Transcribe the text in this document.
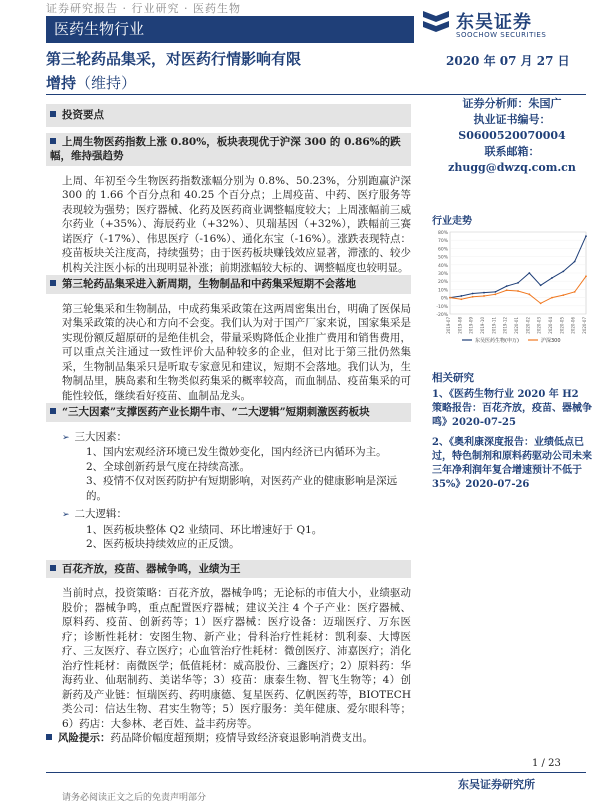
证券研究报告 · 行业研究 · 医药生物
医药生物行业	东吴证券
SOOCHOW SECURITIES
第三轮药品集采，对医药行情影响有限
增持（维持）
2020 年 07 月 27 日
投资要点
上周生物医药指数上涨 0.80%，板块表现优于沪深 300 的 0.86%的跌幅，维持强趋势

上周、年初至今生物医药指数涨幅分别为 0.8%、50.23%，分别跑赢沪深 300 的 1.66 个百分点和 40.25 个百分点；上周疫苗、中药、医疗服务等表现较为强势；医疗器械、化药及医药商业调整幅度较大；上周涨幅前三威尔药业（+35%）、海辰药业（+32%）、贝瑞基因（+32%），跌幅前三赛诺医疗（-17%）、伟思医疗（-16%）、通化东宝（-16%）。涨跌表现特点：疫苗板块关注度高，持续强势；由于医药板块赚钱效应显著，滞涨的、较少机构关注医小标的出现明显补涨；前期涨幅较大标的、调整幅度也较明显。

第三轮药品集采进入新周期，生物制品和中药集采短期不会落地

第三轮集采和生物制品，中成药集采政策在这两周密集出台，明确了医保局对集采政策的决心和方向不会变。我们认为对于国产厂家来说，国家集采是实现份额反超原研的是绝佳机会，带量采购降低企业推广费用和销售费用，可以重点关注通过一致性评价大品种较多的企业，但对比于第三批仍然集采，生物制品集采只是听取专家意见和建议，短期不会落地。我们认为，生物制品里，胰岛素和生物类似药集采的概率较高，而血制品、疫苗集采的可能性较低，继续看好疫苗、血制品龙头。

“三大因素”支撑医药产业长期牛市、“二大逻辑”短期刺激医药板块
➢ 三大因素：
1、国内宏观经济环境已发生微妙变化，国内经济已内循环为主。
2、全球创新药景气度在持续高涨。
3、疫情不仅对医药防护有短期影响，对医药产业的健康影响是深远的。
➢ 二大逻辑：
1、医药板块整体 Q2 业绩同、环比增速好于 Q1。
2、医药板块持续效应的正反馈。
百花齐放，疫苗、器械争鸣，业绩为王

当前时点，投资策略：百花齐放，器械争鸣；无论标的市值大小，业绩驱动股价；器械争鸣，重点配置医疗器械；建议关注 4 个子产业：医疗器械、原料药、疫苗、创新药等；1）医疗器械：医疗设备：迈瑞医疗、万东医疗；诊断性耗材：安图生物、新产业；骨科治疗性耗材：凯利泰、大博医疗、三友医疗、春立医疗；心血管治疗性耗材：微创医疗、沛嘉医疗；消化治疗性耗材：南微医学；低值耗材：威高股份、三鑫医疗；2）原料药：华海药业、仙琚制药、美诺华等；3）疫苗：康泰生物、智飞生物等；4）创新药及产业链：恒瑞医药、药明康德、复星医药、亿帆医药等，BIOTECH 类公司：信达生物、君实生物等；5）医疗服务：美年健康、爱尔眼科等；6）药店：大参林、老百姓、益丰药房等。

风险提示：药品降价幅度超预期；疫情导致经济衰退影响消费支出。
证券分析师：朱国广
执业证书编号：
S0600520070004
联系邮箱：
zhugg@dwzq.com.cn
行业走势
-20%
-10%
0%
10%
20%
30%
40%
50%
60%
70%
80%
2019-07 2019-08 2019-09 2019-10 2019-11 2019-12 2020-01 2020-02 2020-03 2020-04 2020-05 2020-06 2020-07
东吴医药生物(申万)	沪深300
相关研究
1、《医药生物行业 2020 年 H2 策略报告：百花齐放，疫苗、器械争鸣》2020-07-25
2、《奥利康深度报告：业绩低点已过，特色制剂和原料药驱动公司未来三年净利润年复合增速预计不低于 35%》2020-07-26
1 / 23
东吴证券研究所
请务必阅读正文之后的免责声明部分
